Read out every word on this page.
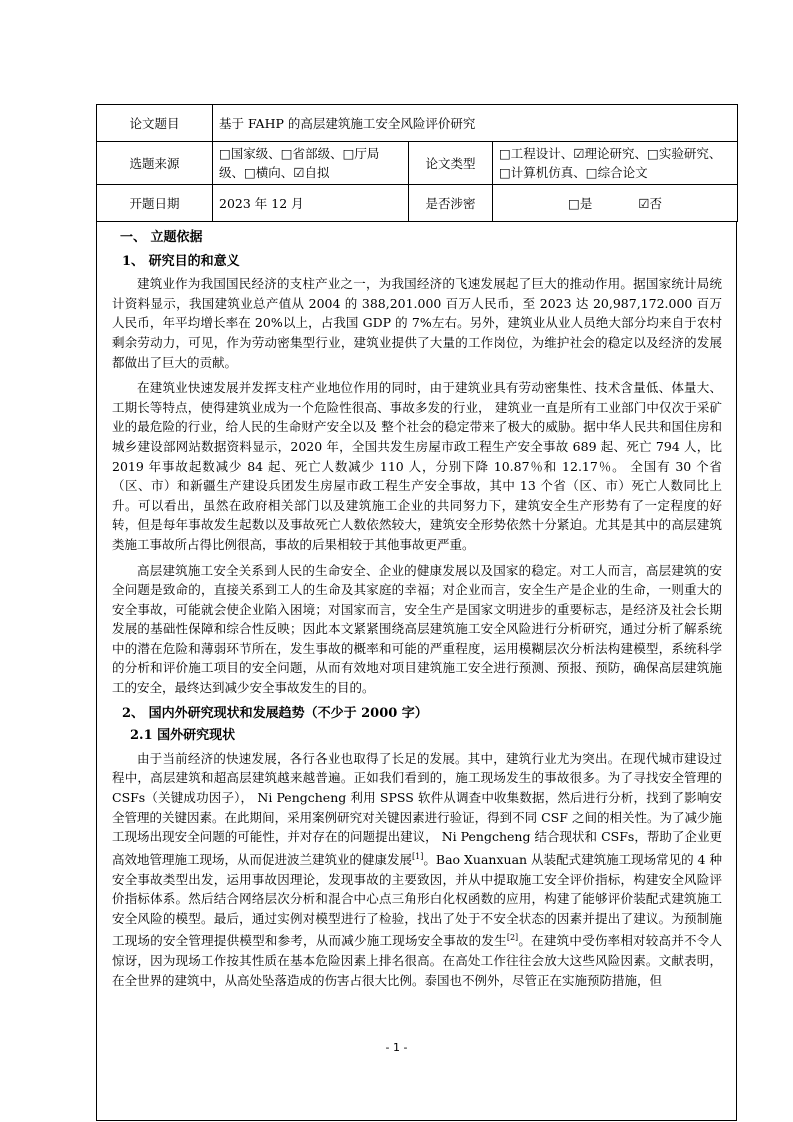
论文题目	基于 FAHP 的高层建筑施工安全风险评价研究		
选题来源	□国家级、□省部级、□厅局级、□横向、☑自拟	论文类型	□工程设计、☑理论研究、□实验研究、□计算机仿真、□综合论文
开题日期	2023 年 12 月	是否涉密	□是 ☑否
一、 立题依据
1、 研究目的和意义

建筑业作为我国国民经济的支柱产业之一，为我国经济的飞速发展起了巨大的推动作用。据国家统计局统计资料显示，我国建筑业总产值从 2004 的 388,201.000 百万人民币，至 2023 达 20,987,172.000 百万人民币，年平均增长率在 20%以上，占我国 GDP 的 7%左右。另外，建筑业从业人员绝大部分均来自于农村剩余劳动力，可见，作为劳动密集型行业，建筑业提供了大量的工作岗位，为维护社会的稳定以及经济的发展都做出了巨大的贡献。

在建筑业快速发展并发挥支柱产业地位作用的同时，由于建筑业具有劳动密集性、技术含量低、体量大、工期长等特点，使得建筑业成为一个危险性很高、事故多发的行业， 建筑业一直是所有工业部门中仅次于采矿业的最危险的行业，给人民的生命财产安全以及 整个社会的稳定带来了极大的威胁。据中华人民共和国住房和城乡建设部网站数据资料显示，2020 年，全国共发生房屋市政工程生产安全事故 689 起、死亡 794 人，比 2019 年事故起数减少 84 起、死亡人数减少 110 人，分别下降 10.87％和 12.17％。 全国有 30 个省（区、市）和新疆生产建设兵团发生房屋市政工程生产安全事故，其中 13 个省（区、市）死亡人数同比上升。可以看出，虽然在政府相关部门以及建筑施工企业的共同努力下，建筑安全生产形势有了一定程度的好转，但是每年事故发生起数以及事故死亡人数依然较大，建筑安全形势依然十分紧迫。尤其是其中的高层建筑类施工事故所占得比例很高，事故的后果相较于其他事故更严重。

高层建筑施工安全关系到人民的生命安全、企业的健康发展以及国家的稳定。对工人而言，高层建筑的安全问题是致命的，直接关系到工人的生命及其家庭的幸福；对企业而言，安全生产是企业的生命，一则重大的安全事故，可能就会使企业陷入困境；对国家而言，安全生产是国家文明进步的重要标志，是经济及社会长期发展的基础性保障和综合性反映；因此本文紧紧围绕高层建筑施工安全风险进行分析研究，通过分析了解系统中的潜在危险和薄弱环节所在，发生事故的概率和可能的严重程度，运用模糊层次分析法构建模型，系统科学的分析和评价施工项目的安全问题，从而有效地对项目建筑施工安全进行预测、预报、预防，确保高层建筑施工的安全，最终达到减少安全事故发生的目的。

2、 国内外研究现状和发展趋势（不少于 2000 字）
2.1 国外研究现状

由于当前经济的快速发展，各行各业也取得了长足的发展。其中，建筑行业尤为突出。在现代城市建设过程中，高层建筑和超高层建筑越来越普遍。正如我们看到的，施工现场发生的事故很多。为了寻找安全管理的 CSFs（关键成功因子）， Ni Pengcheng 利用 SPSS 软件从调查中收集数据，然后进行分析，找到了影响安全管理的关键因素。在此期间，采用案例研究对关键因素进行验证，得到不同 CSF 之间的相关性。为了减少施工现场出现安全问题的可能性，并对存在的问题提出建议， Ni Pengcheng 结合现状和 CSFs，帮助了企业更高效地管理施工现场，从而促进波兰建筑业的健康发展[1]。Bao Xuanxuan 从装配式建筑施工现场常见的 4 种安全事故类型出发，运用事故因理论，发现事故的主要致因，并从中提取施工安全评价指标，构建安全风险评价指标体系。然后结合网络层次分析和混合中心点三角形白化权函数的应用，构建了能够评价装配式建筑施工安全风险的模型。最后，通过实例对模型进行了检验，找出了处于不安全状态的因素并提出了建议。为预制施工现场的安全管理提供模型和参考，从而减少施工现场安全事故的发生[2]。在建筑中受伤率相对较高并不令人惊讶，因为现场工作按其性质在基本危险因素上排名很高。在高处工作往往会放大这些风险因素。文献表明，在全世界的建筑中，从高处坠落造成的伤害占很大比例。泰国也不例外，尽管正在实施预防措施，但

- 1 -
